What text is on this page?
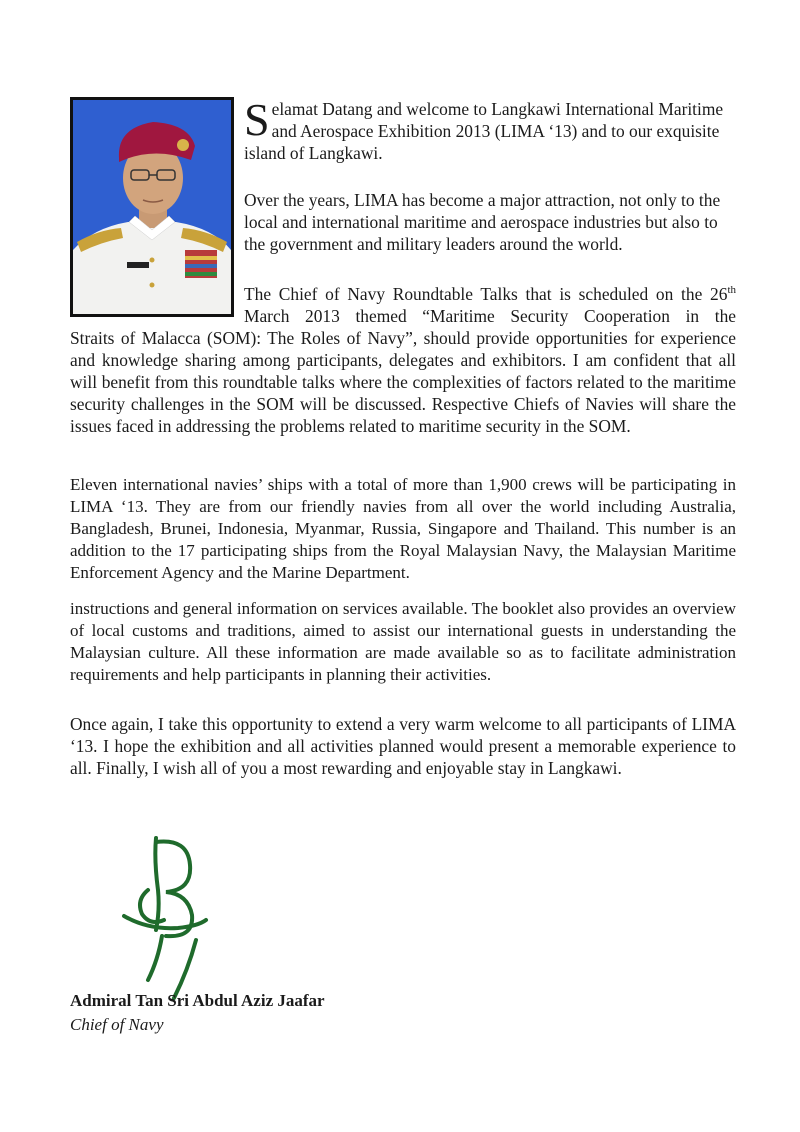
S elamat Datang and welcome to Langkawi International Maritime and Aerospace Exhibition 2013 (LIMA ‘13) and to our exquisite island of Langkawi.
Over the years, LIMA has become a major attraction, not only to the local and international maritime and aerospace industries but also to the government and military leaders around the world.
The Chief of Navy Roundtable Talks that is scheduled on the 26th March 2013 themed “Maritime Security Cooperation in the
Straits of Malacca (SOM): The Roles of Navy”, should provide opportunities for experience and knowledge sharing among participants, delegates and exhibitors. I am confident that all will benefit from this roundtable talks where the complexities of factors related to the maritime security challenges in the SOM will be discussed. Respective Chiefs of Navies will share the issues faced in addressing the problems related to maritime security in the SOM.
Eleven international navies’ ships with a total of more than 1,900 crews will be participating in LIMA ‘13. They are from our friendly navies from all over the world including Australia, Bangladesh, Brunei, Indonesia, Myanmar, Russia, Singapore and Thailand. This number is an addition to the 17 participating ships from the Royal Malaysian Navy, the Malaysian Maritime Enforcement Agency and the Marine Department.
instructions and general information on services available. The booklet also provides an overview of local customs and traditions, aimed to assist our international guests in understanding the Malaysian culture. All these information are made available so as to facilitate administration requirements and help participants in planning their activities.
Once again, I take this opportunity to extend a very warm welcome to all participants of LIMA ‘13. I hope the exhibition and all activities planned would present a memorable experience to all. Finally, I wish all of you a most rewarding and enjoyable stay in Langkawi.
Admiral Tan Sri Abdul Aziz Jaafar
Chief of Navy
